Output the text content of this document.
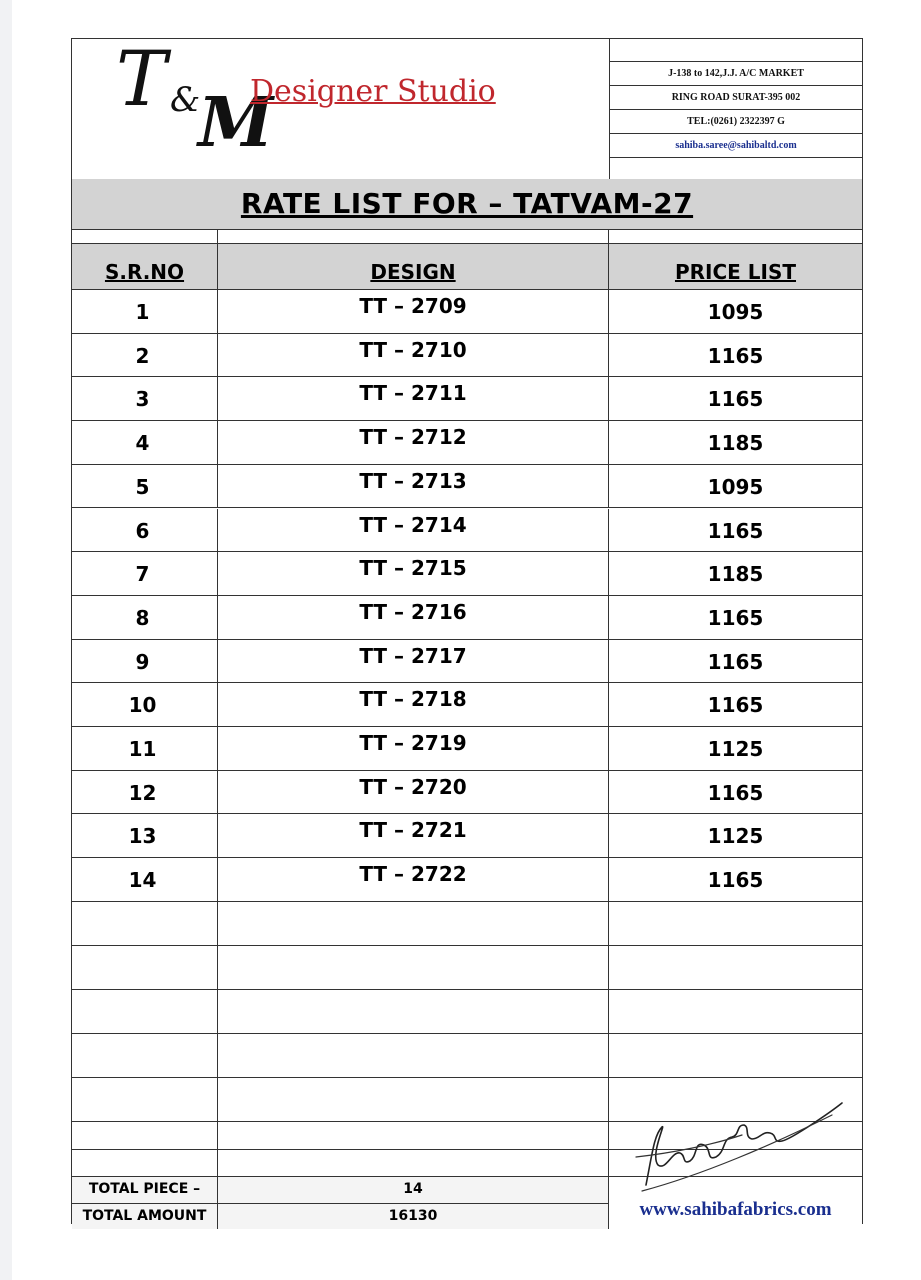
T &
M
Designer Studio
J-138 to 142,J.J. A/C MARKET
RING ROAD SURAT-395 002
TEL:(0261) 2322397 G
sahiba.saree@sahibaltd.com
RATE LIST FOR – TATVAM-27
S.R.NO	DESIGN	PRICE LIST
1	TT – 2709	1095
2	TT – 2710	1165
3	TT – 2711	1165
4	TT – 2712	1185
5	TT – 2713	1095
6	TT – 2714	1165
7	TT – 2715	1185
8	TT – 2716	1165
9	TT – 2717	1165
10	TT – 2718	1165
11	TT – 2719	1125
12	TT – 2720	1165
13	TT – 2721	1125
14	TT – 2722	1165
TOTAL PIECE –	14
TOTAL AMOUNT	16130	www.sahibafabrics.com
